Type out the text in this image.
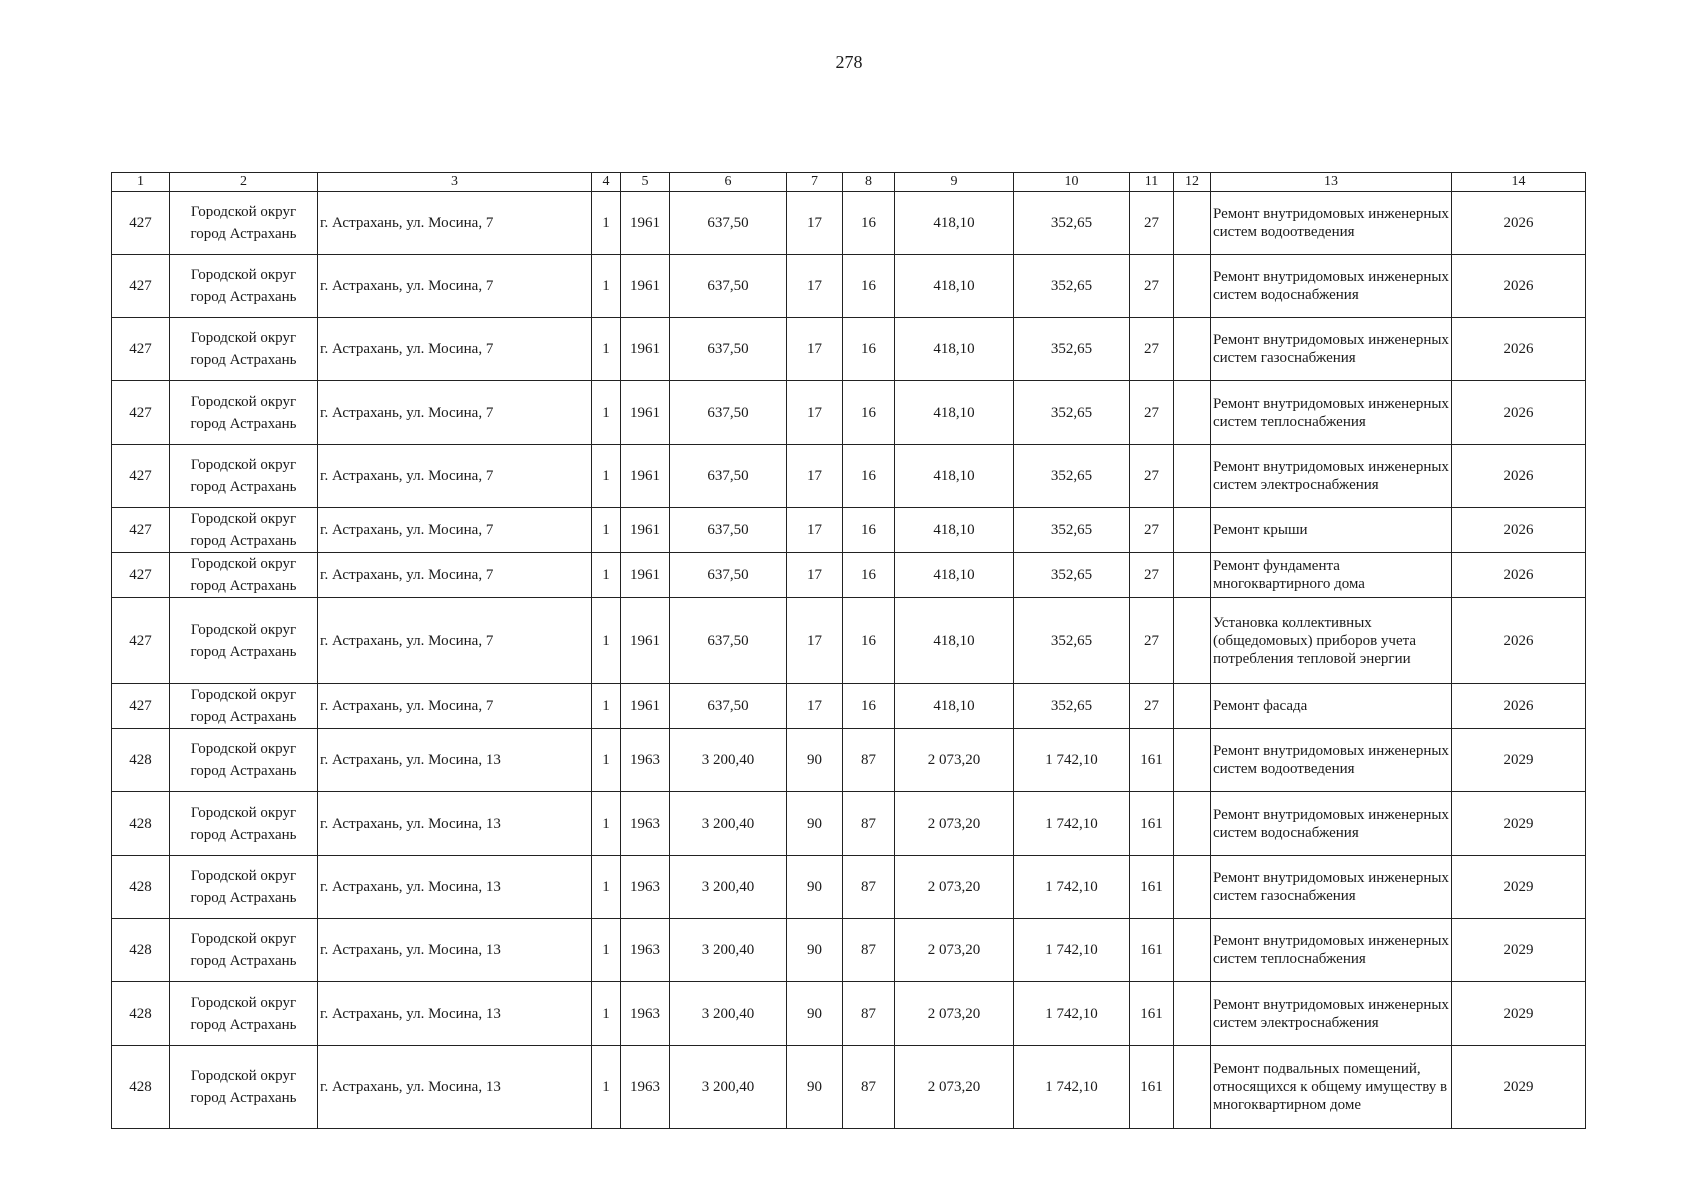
278
1	2	3	4	5	6	7	8	9	10	11	12	13	14
427	Городской округ город Астрахань	г. Астрахань, ул. Мосина, 7	1	1961	637,50	17	16	418,10	352,65	27		Ремонт внутридомовых инженерных систем водоотведения	2026
427	Городской округ город Астрахань	г. Астрахань, ул. Мосина, 7	1	1961	637,50	17	16	418,10	352,65	27		Ремонт внутридомовых инженерных систем водоснабжения	2026
427	Городской округ город Астрахань	г. Астрахань, ул. Мосина, 7	1	1961	637,50	17	16	418,10	352,65	27		Ремонт внутридомовых инженерных систем газоснабжения	2026
427	Городской округ город Астрахань	г. Астрахань, ул. Мосина, 7	1	1961	637,50	17	16	418,10	352,65	27		Ремонт внутридомовых инженерных систем теплоснабжения	2026
427	Городской округ город Астрахань	г. Астрахань, ул. Мосина, 7	1	1961	637,50	17	16	418,10	352,65	27		Ремонт внутридомовых инженерных систем электроснабжения	2026
427	Городской округ город Астрахань	г. Астрахань, ул. Мосина, 7	1	1961	637,50	17	16	418,10	352,65	27		Ремонт крыши	2026
427	Городской округ город Астрахань	г. Астрахань, ул. Мосина, 7	1	1961	637,50	17	16	418,10	352,65	27		Ремонт фундамента многоквартирного дома	2026
427	Городской округ город Астрахань	г. Астрахань, ул. Мосина, 7	1	1961	637,50	17	16	418,10	352,65	27		Установка коллективных (общедомовых) приборов учета потребления тепловой энергии	2026
427	Городской округ город Астрахань	г. Астрахань, ул. Мосина, 7	1	1961	637,50	17	16	418,10	352,65	27		Ремонт фасада	2026
428	Городской округ город Астрахань	г. Астрахань, ул. Мосина, 13	1	1963	3 200,40	90	87	2 073,20	1 742,10	161		Ремонт внутридомовых инженерных систем водоотведения	2029
428	Городской округ город Астрахань	г. Астрахань, ул. Мосина, 13	1	1963	3 200,40	90	87	2 073,20	1 742,10	161		Ремонт внутридомовых инженерных систем водоснабжения	2029
428	Городской округ город Астрахань	г. Астрахань, ул. Мосина, 13	1	1963	3 200,40	90	87	2 073,20	1 742,10	161		Ремонт внутридомовых инженерных систем газоснабжения	2029
428	Городской округ город Астрахань	г. Астрахань, ул. Мосина, 13	1	1963	3 200,40	90	87	2 073,20	1 742,10	161		Ремонт внутридомовых инженерных систем теплоснабжения	2029
428	Городской округ город Астрахань	г. Астрахань, ул. Мосина, 13	1	1963	3 200,40	90	87	2 073,20	1 742,10	161		Ремонт внутридомовых инженерных систем электроснабжения	2029
428	Городской округ город Астрахань	г. Астрахань, ул. Мосина, 13	1	1963	3 200,40	90	87	2 073,20	1 742,10	161		Ремонт подвальных помещений, относящихся к общему имуществу в многоквартирном доме	2029
